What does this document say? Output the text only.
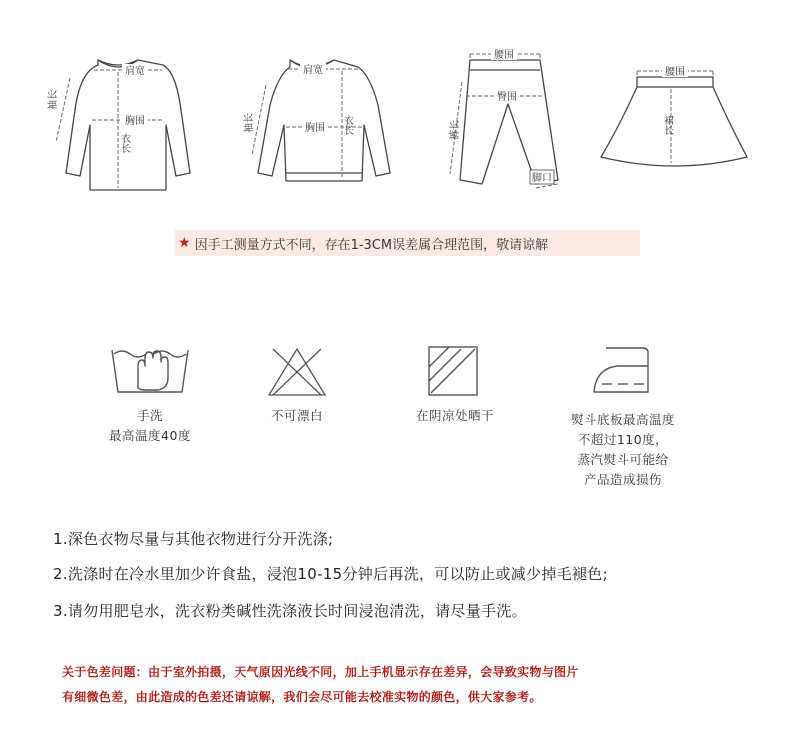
肩宽
胸围
衣长
袖长
肩宽
胸围 衣长
袖长
腰围
臀围
裤长
脚口
腰围
裙长
★ 因手工测量方式不同，存在1-3CM误差属合理范围，敬请谅解
手洗
最高温度40度
不可漂白	在阴凉处晒干	熨斗底板最高温度
不超过110度，
蒸汽熨斗可能给
产品造成损伤
1.深色衣物尽量与其他衣物进行分开洗涤;
2.洗涤时在冷水里加少许食盐，浸泡10-15分钟后再洗，可以防止或减少掉毛褪色;
3.请勿用肥皂水，洗衣粉类碱性洗涤液长时间浸泡清洗，请尽量手洗。
关于色差问题：由于室外拍摄，天气原因光线不同，加上手机显示存在差异，会导致实物与图片
有细微色差，由此造成的色差还请谅解，我们会尽可能去校准实物的颜色，供大家参考。
